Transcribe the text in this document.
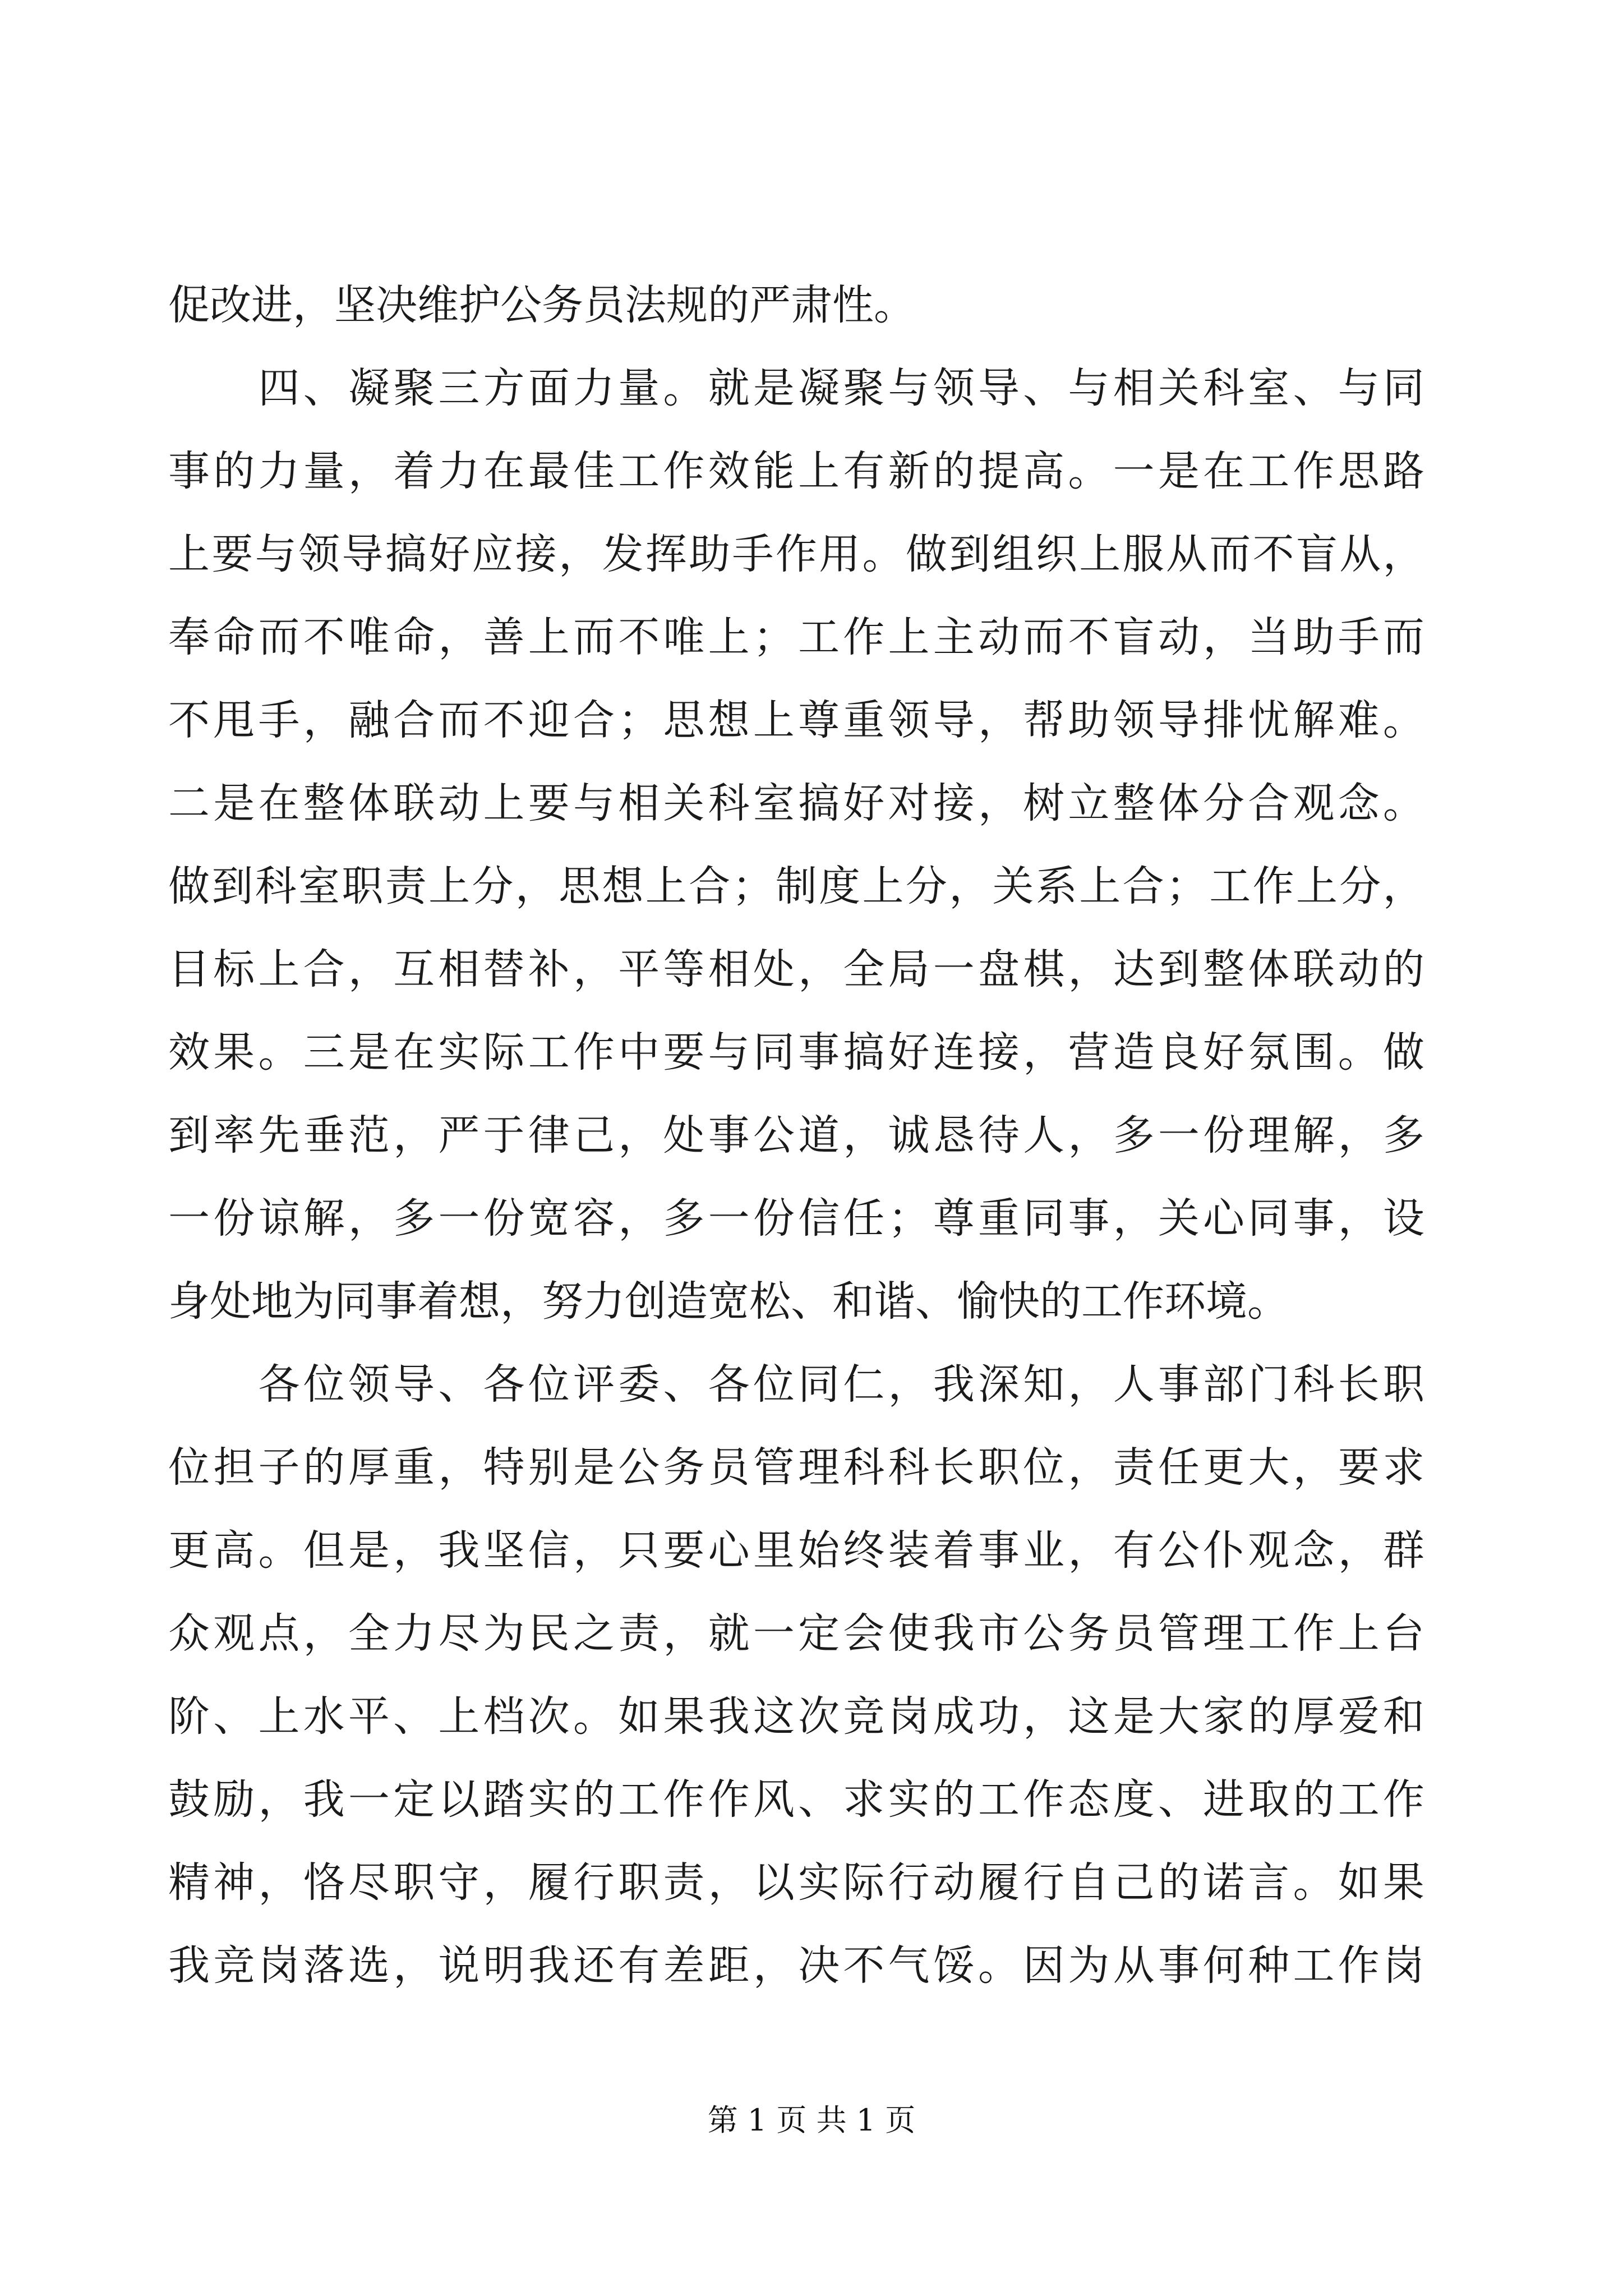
促改进，坚决维护公务员法规的严肃性。

四 、 凝 聚 三 方 面 力 量 。 就 是 凝 聚 与 领 导 、 与 相 关 科 室 、 与 同
事 的 力 量 ， 着 力 在 最 佳 工 作 效 能 上 有 新 的 提 高 。 一 是 在 工 作 思 路
上 要 与 领 导 搞 好 应 接 ， 发 挥 助 手 作 用 。 做 到 组 织 上 服 从 而 不 盲 从 ，
奉 命 而 不 唯 命 ， 善 上 而 不 唯 上 ； 工 作 上 主 动 而 不 盲 动 ， 当 助 手 而
不 甩 手 ， 融 合 而 不 迎 合 ； 思 想 上 尊 重 领 导 ， 帮 助 领 导 排 忧 解 难 。
二 是 在 整 体 联 动 上 要 与 相 关 科 室 搞 好 对 接 ， 树 立 整 体 分 合 观 念 。
做 到 科 室 职 责 上 分 ， 思 想 上 合 ； 制 度 上 分 ， 关 系 上 合 ； 工 作 上 分 ，
目 标 上 合 ， 互 相 替 补 ， 平 等 相 处 ， 全 局 一 盘 棋 ， 达 到 整 体 联 动 的
效 果 。 三 是 在 实 际 工 作 中 要 与 同 事 搞 好 连 接 ， 营 造 良 好 氛 围 。 做
到 率 先 垂 范 ， 严 于 律 己 ， 处 事 公 道 ， 诚 恳 待 人 ， 多 一 份 理 解 ， 多
一 份 谅 解 ， 多 一 份 宽 容 ， 多 一 份 信 任 ； 尊 重 同 事 ， 关 心 同 事 ， 设
身处地为同事着想，努力创造宽松、和谐、愉快的工作环境。

各 位 领 导 、 各 位 评 委 、 各 位 同 仁 ， 我 深 知 ， 人 事 部 门 科 长 职
位 担 子 的 厚 重 ， 特 别 是 公 务 员 管 理 科 科 长 职 位 ， 责 任 更 大 ， 要 求
更 高 。 但 是 ， 我 坚 信 ， 只 要 心 里 始 终 装 着 事 业 ， 有 公 仆 观 念 ， 群
众 观 点 ， 全 力 尽 为 民 之 责 ， 就 一 定 会 使 我 市 公 务 员 管 理 工 作 上 台
阶 、 上 水 平 、 上 档 次 。 如 果 我 这 次 竞 岗 成 功 ， 这 是 大 家 的 厚 爱 和
鼓 励 ， 我 一 定 以 踏 实 的 工 作 作 风 、 求 实 的 工 作 态 度 、 进 取 的 工 作
精 神 ， 恪 尽 职 守 ， 履 行 职 责 ， 以 实 际 行 动 履 行 自 己 的 诺 言 。 如 果
我 竞 岗 落 选 ， 说 明 我 还 有 差 距 ， 决 不 气 馁 。 因 为 从 事 何 种 工 作 岗
第 1 页 共 1 页
